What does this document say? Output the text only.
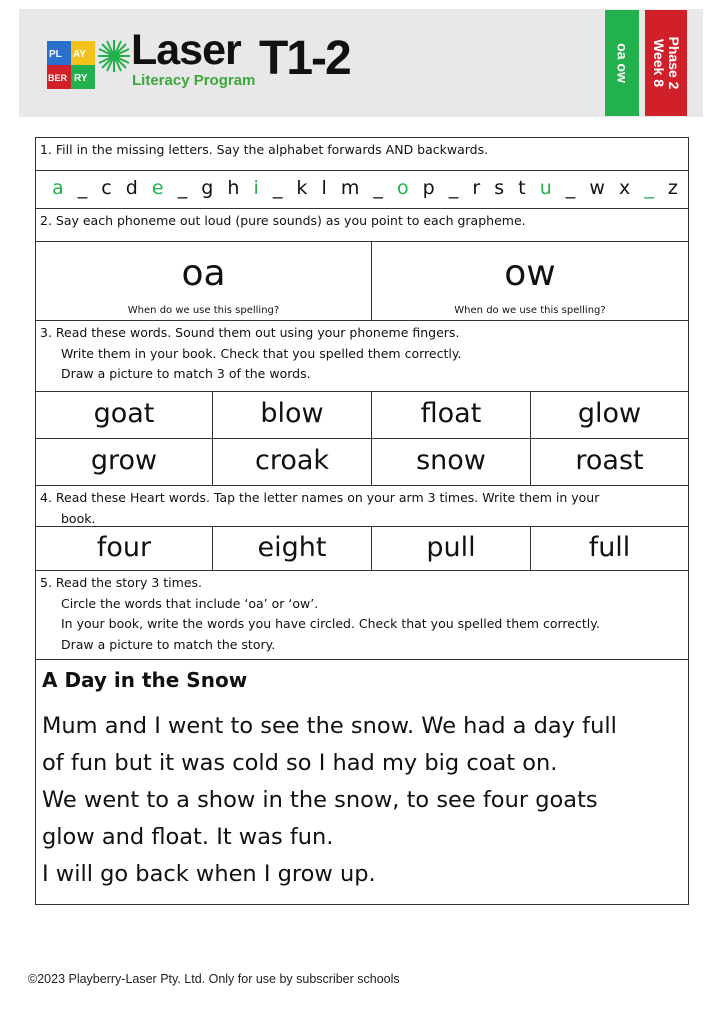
PL AY
BER RY
Laser
Literacy Program T1-2	oa ow	Phase 2
Week 8
1. Fill in the missing letters. Say the alphabet forwards AND backwards.
a _ c d e _ g h i _ k l m _ o p _ r s t u _ w x _ z
2. Say each phoneme out loud (pure sounds) as you point to each grapheme.
oa
When do we use this spelling?
ow
When do we use this spelling?
3. Read these words. Sound them out using your phoneme fingers.
Write them in your book. Check that you spelled them correctly.
Draw a picture to match 3 of the words.
goat	blow	float	glow
grow	croak	snow	roast
4. Read these Heart words. Tap the letter names on your arm 3 times. Write them in your
book.
four	eight	pull	full
5. Read the story 3 times.
Circle the words that include ‘oa’ or ‘ow’.
In your book, write the words you have circled. Check that you spelled them correctly.
Draw a picture to match the story.
A Day in the Snow
Mum and I went to see the snow. We had a day full
of fun but it was cold so I had my big coat on.
We went to a show in the snow, to see four goats
glow and float. It was fun.
I will go back when I grow up.
©2023 Playberry-Laser Pty. Ltd. Only for use by subscriber schools
